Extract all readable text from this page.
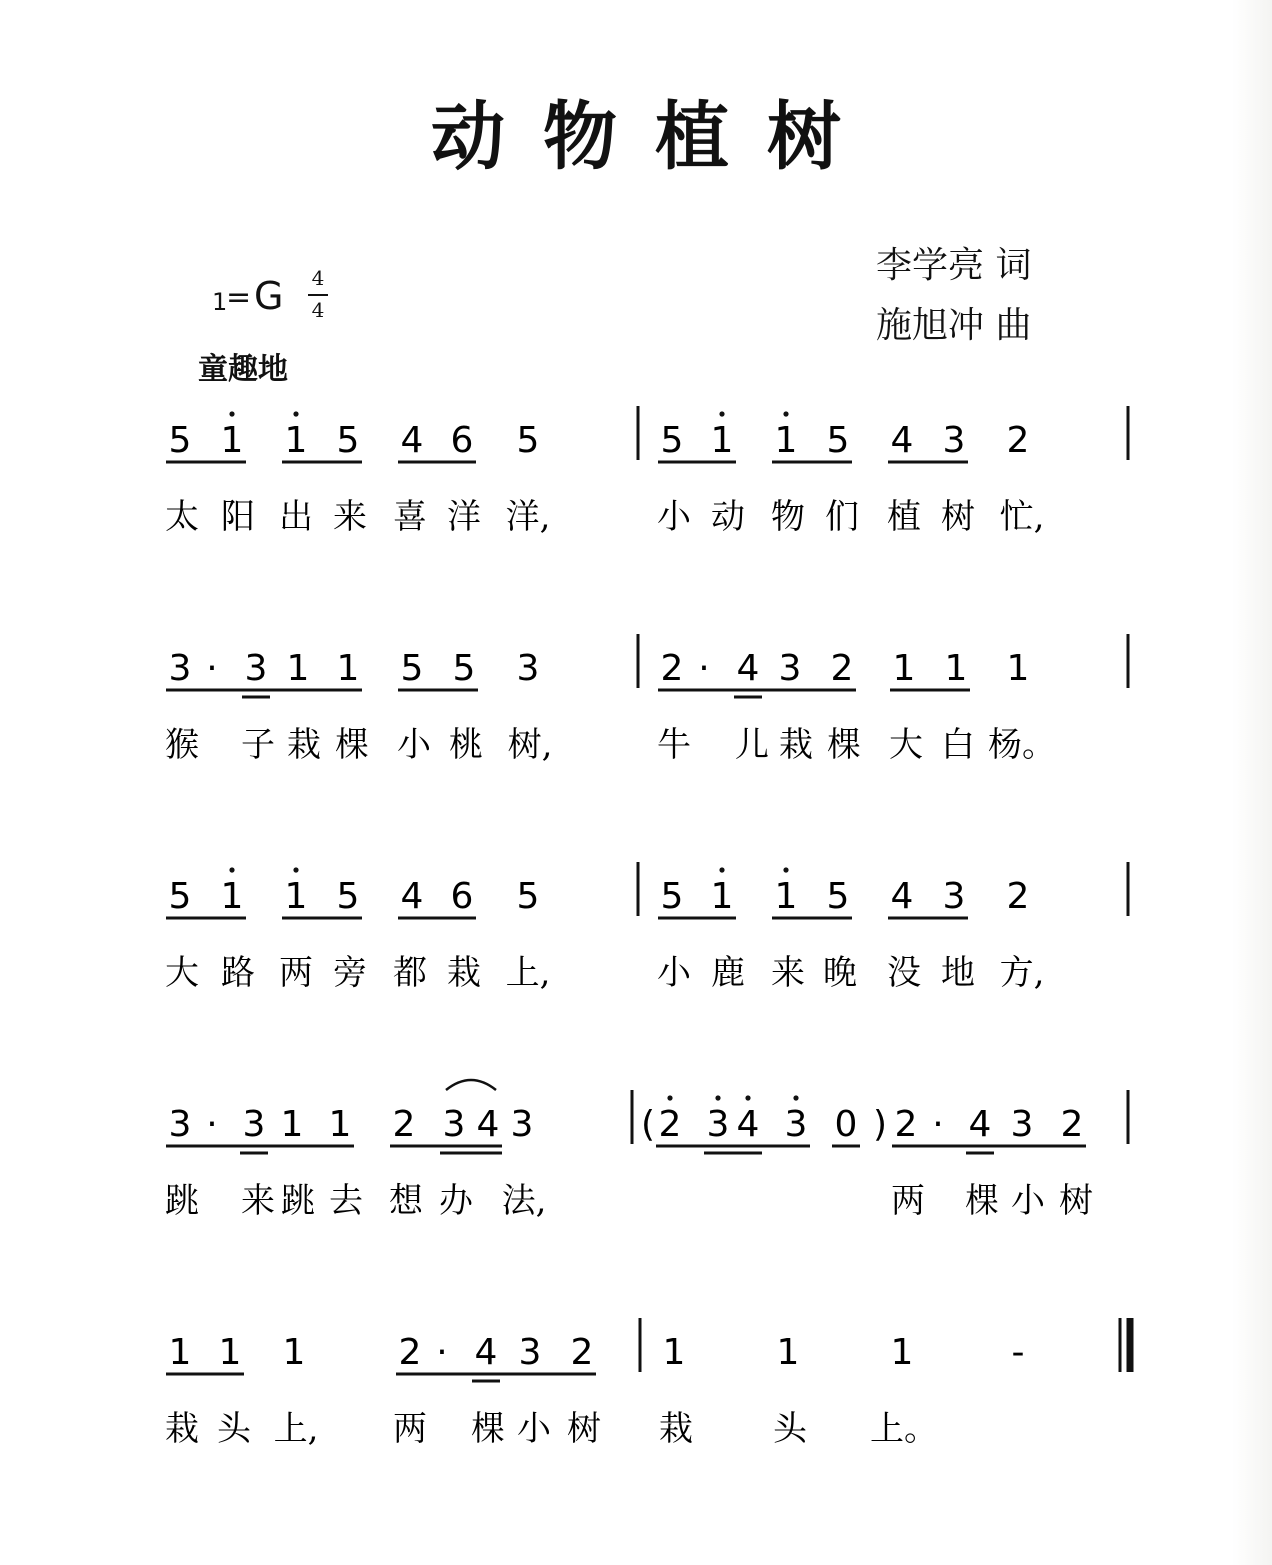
动物植树
李学亮 词
施旭冲 曲
1
= G 4
4
童趣地
5 1 1 5 4 6 5	5 1 1 5 4 3 2
太 阳 出 来 喜 洋 洋,	小 动 物 们 植 树 忙,
3 · 3 1 1 5 5 3	2 · 4 3 2 1 1 1
猴 子 栽 棵 小 桃 树,	牛 儿 栽 棵 大 白 杨。
5 1 1 5 4 6 5	5 1 1 5 4 3 2
大 路 两 旁 都 栽 上,	小 鹿 来 晚 没 地 方,
3 · 3 1 1 2 3 4 3	( 2 3 4 3 0 ) 2 · 4 3 2
跳 来 跳 去 想 办 法,	两 棵 小 树
1 1 1	2 · 4 3 2 1	1	1	-
栽 头 上, 两 棵 小 树 栽 头 上。
